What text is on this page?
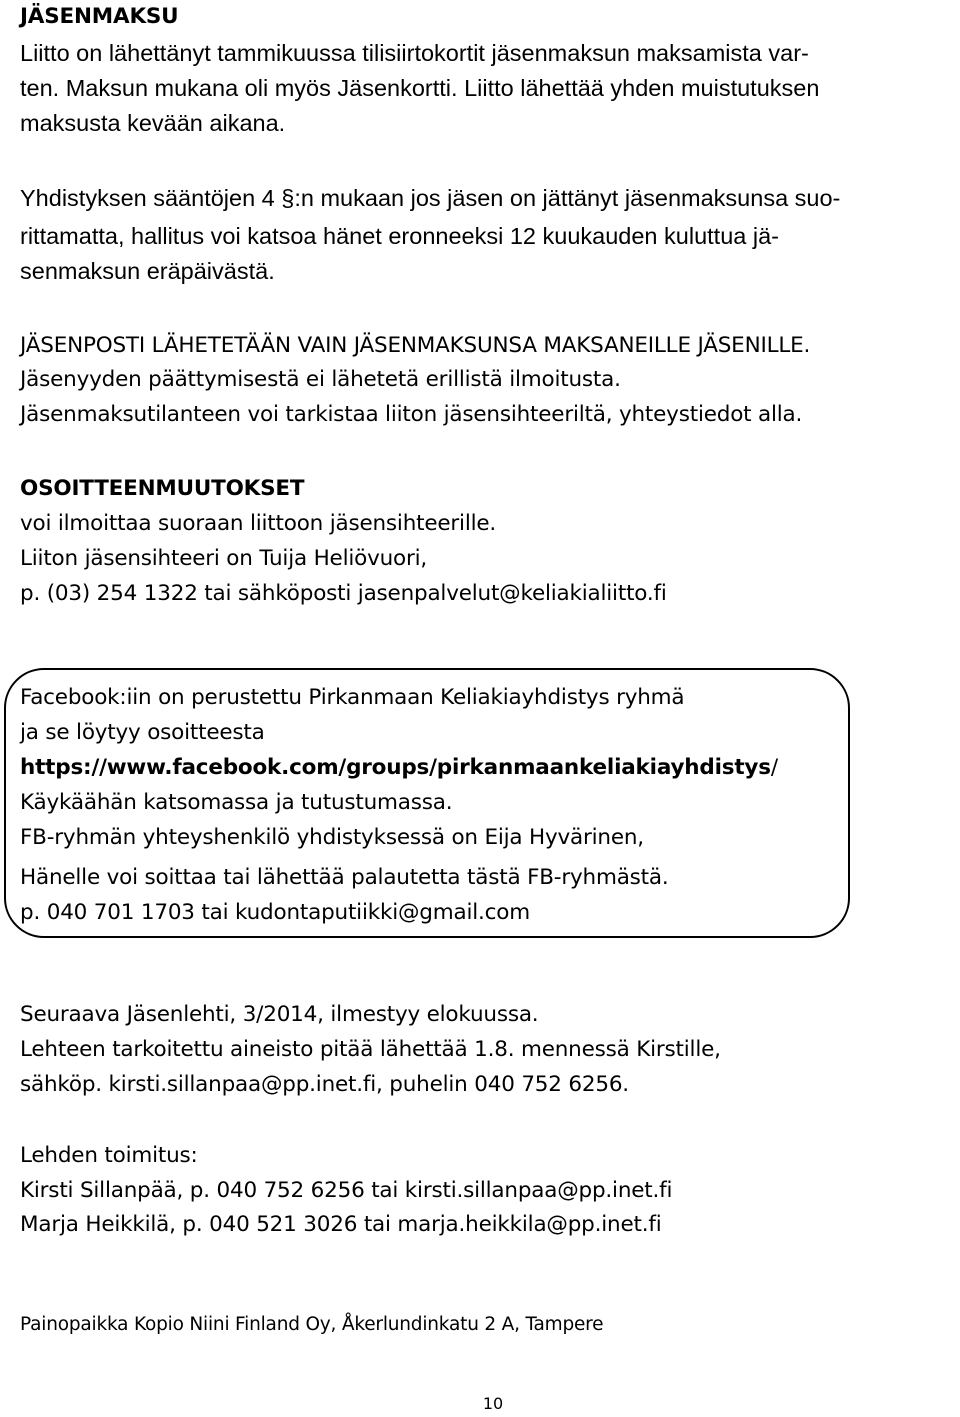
JÄSENMAKSU
Liitto on lähettänyt tammikuussa tilisiirtokortit jäsenmaksun maksamista var-
ten. Maksun mukana oli myös Jäsenkortti. Liitto lähettää yhden muistutuksen
maksusta kevään aikana.
Yhdistyksen sääntöjen 4 §:n mukaan jos jäsen on jättänyt jäsenmaksunsa suo-
rittamatta, hallitus voi katsoa hänet eronneeksi 12 kuukauden kuluttua jä-
senmaksun eräpäivästä.
JÄSENPOSTI LÄHETETÄÄN VAIN JÄSENMAKSUNSA MAKSANEILLE JÄSENILLE.
Jäsenyyden päättymisestä ei lähetetä erillistä ilmoitusta.
Jäsenmaksutilanteen voi tarkistaa liiton jäsensihteeriltä, yhteystiedot alla.
OSOITTEENMUUTOKSET
voi ilmoittaa suoraan liittoon jäsensihteerille.
Liiton jäsensihteeri on Tuija Heliövuori,
p. (03) 254 1322 tai sähköposti jasenpalvelut@keliakialiitto.fi
Facebook:iin on perustettu Pirkanmaan Keliakiayhdistys ryhmä
ja se löytyy osoitteesta
https://www.facebook.com/groups/pirkanmaankeliakiayhdistys/
Käykäähän katsomassa ja tutustumassa.
FB-ryhmän yhteyshenkilö yhdistyksessä on Eija Hyvärinen,
Hänelle voi soittaa tai lähettää palautetta tästä FB-ryhmästä.
p. 040 701 1703 tai kudontaputiikki@gmail.com
Seuraava Jäsenlehti, 3/2014, ilmestyy elokuussa.
Lehteen tarkoitettu aineisto pitää lähettää 1.8. mennessä Kirstille,
sähköp. kirsti.sillanpaa@pp.inet.fi, puhelin 040 752 6256.
Lehden toimitus:
Kirsti Sillanpää, p. 040 752 6256 tai kirsti.sillanpaa@pp.inet.fi
Marja Heikkilä, p. 040 521 3026 tai marja.heikkila@pp.inet.fi
Painopaikka Kopio Niini Finland Oy, Åkerlundinkatu 2 A, Tampere
10
